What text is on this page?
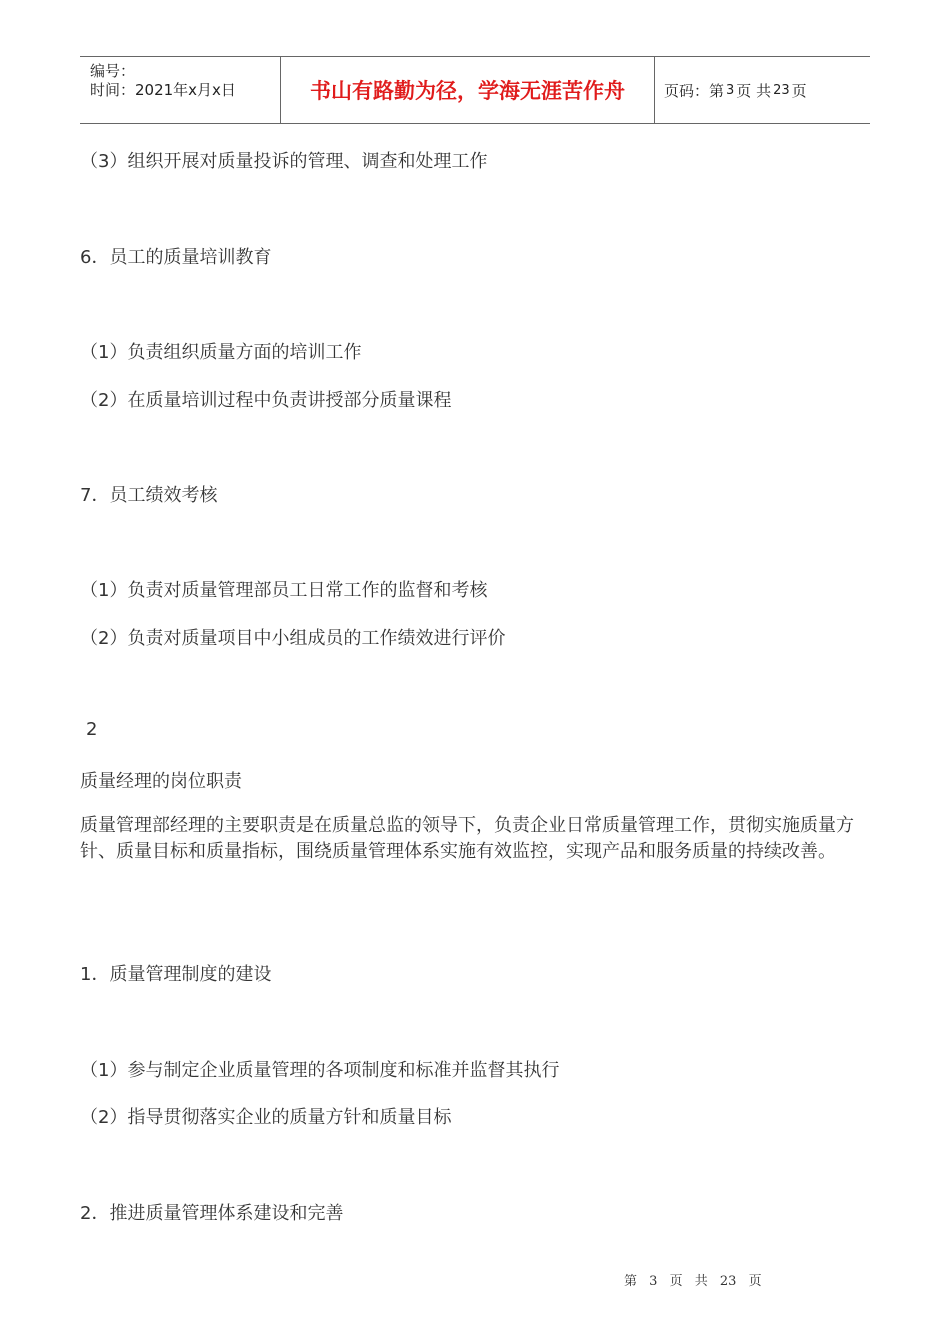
编号：
时间：2021年x月x日	书山有路勤为径，学海无涯苦作舟	页码：第 3 页 共 23 页
（3）组织开展对质量投诉的管理、调查和处理工作
6．员工的质量培训教育
（1）负责组织质量方面的培训工作
（2）在质量培训过程中负责讲授部分质量课程
7．员工绩效考核
（1）负责对质量管理部员工日常工作的监督和考核
（2）负责对质量项目中小组成员的工作绩效进行评价
2
质量经理的岗位职责
质量管理部经理的主要职责是在质量总监的领导下，负责企业日常质量管理工作，贯彻实施质量方针、质量目标和质量指标，围绕质量管理体系实施有效监控，实现产品和服务质量的持续改善。
1．质量管理制度的建设
（1）参与制定企业质量管理的各项制度和标准并监督其执行
（2）指导贯彻落实企业的质量方针和质量目标
2．推进质量管理体系建设和完善
第 3 页 共 23 页
